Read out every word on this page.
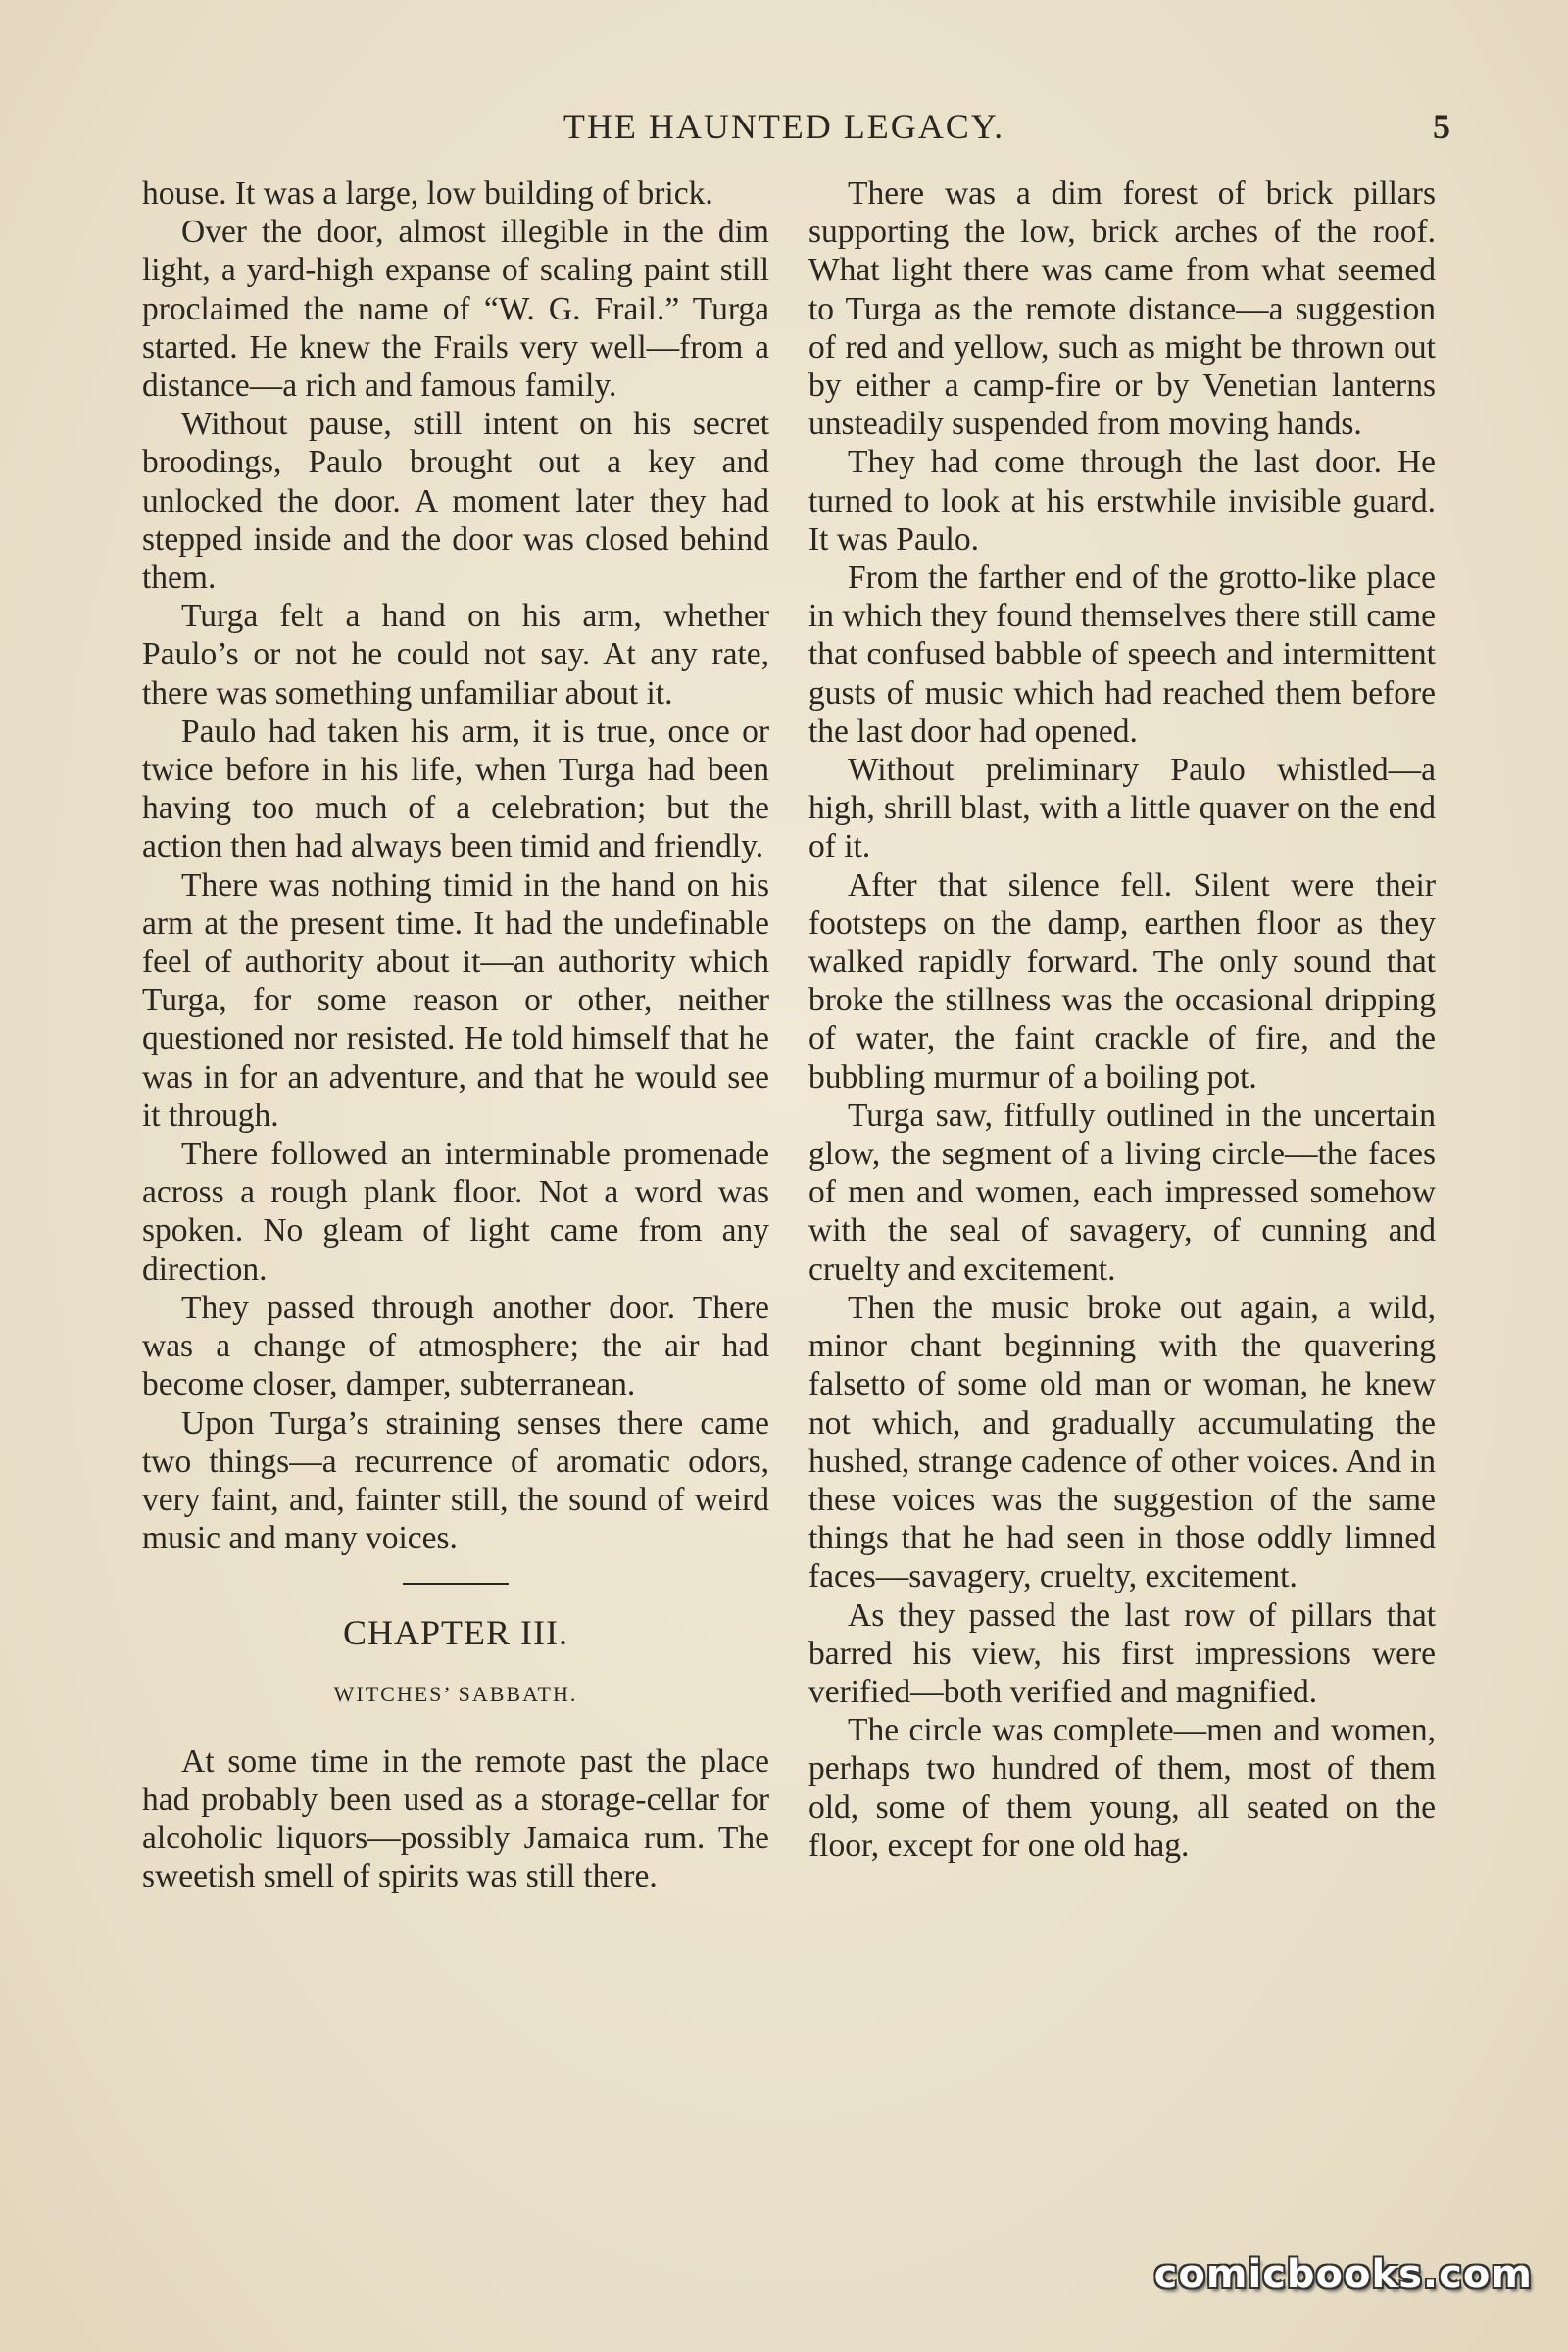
THE HAUNTED LEGACY.	5

house. It was a large, low building of brick.

Over the door, almost illegible in the dim light, a yard-high expanse of scaling paint still proclaimed the name of “W. G. Frail.” Turga started. He knew the Frails very well—from a distance—a rich and famous family.

Without pause, still intent on his secret broodings, Paulo brought out a key and unlocked the door. A moment later they had stepped inside and the door was closed behind them.

Turga felt a hand on his arm, whether Paulo’s or not he could not say. At any rate, there was something unfamiliar about it.

Paulo had taken his arm, it is true, once or twice before in his life, when Turga had been having too much of a celebration; but the action then had always been timid and friendly.

There was nothing timid in the hand on his arm at the present time. It had the undefinable feel of authority about it—an authority which Turga, for some reason or other, neither questioned nor resisted. He told himself that he was in for an adventure, and that he would see it through.

There followed an interminable promenade across a rough plank floor. Not a word was spoken. No gleam of light came from any direction.

They passed through another door. There was a change of atmosphere; the air had become closer, damper, subterranean.

Upon Turga’s straining senses there came two things—a recurrence of aromatic odors, very faint, and, fainter still, the sound of weird music and many voices.

CHAPTER III.
WITCHES’ SABBATH.

At some time in the remote past the place had probably been used as a storage-cellar for alcoholic liquors—possibly Jamaica rum. The sweetish smell of spirits was still there.

There was a dim forest of brick pillars supporting the low, brick arches of the roof. What light there was came from what seemed to Turga as the remote distance—a suggestion of red and yellow, such as might be thrown out by either a camp-fire or by Venetian lanterns unsteadily suspended from moving hands.

They had come through the last door. He turned to look at his erstwhile invisible guard. It was Paulo.

From the farther end of the grotto-like place in which they found themselves there still came that confused babble of speech and intermittent gusts of music which had reached them before the last door had opened.

Without preliminary Paulo whistled—a high, shrill blast, with a little quaver on the end of it.

After that silence fell. Silent were their footsteps on the damp, earthen floor as they walked rapidly forward. The only sound that broke the stillness was the occasional dripping of water, the faint crackle of fire, and the bubbling murmur of a boiling pot.

Turga saw, fitfully outlined in the uncertain glow, the segment of a living circle—the faces of men and women, each impressed somehow with the seal of savagery, of cunning and cruelty and excitement.

Then the music broke out again, a wild, minor chant beginning with the quavering falsetto of some old man or woman, he knew not which, and gradually accumulating the hushed, strange cadence of other voices. And in these voices was the suggestion of the same things that he had seen in those oddly limned faces—savagery, cruelty, excitement.

As they passed the last row of pillars that barred his view, his first impressions were verified—both verified and magnified.

The circle was complete—men and women, perhaps two hundred of them, most of them old, some of them young, all seated on the floor, except for one old hag.

comicbooks.com
